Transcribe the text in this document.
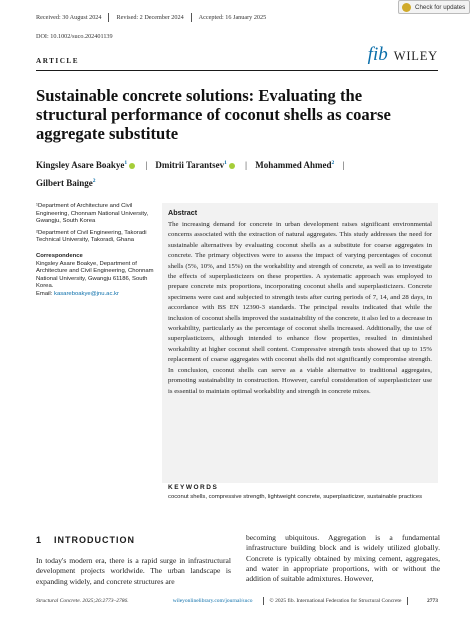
Check for updates
Received: 30 August 2024 Revised: 2 December 2024 Accepted: 16 January 2025
DOI: 10.1002/suco.202401139
ARTICLE	fib WILEY
Sustainable concrete solutions: Evaluating the structural performance of coconut shells as coarse aggregate substitute
Kingsley Asare Boakye$^1$ | Dmitrii Tarantsev$^1$ | Mohammed Ahmed$^2$ |
Gilbert Bainge$^2$

¹Department of Architecture and Civil Engineering, Chonnam National University, Gwangju, South Korea

²Department of Civil Engineering, Takoradi Technical University, Takoradi, Ghana

Correspondence

Kingsley Asare Boakye, Department of Architecture and Civil Engineering, Chonnam National University, Gwangju 61186, South Korea.

Email: kasareboakye@jnu.ac.kr

Abstract
The increasing demand for concrete in urban development raises significant environmental concerns associated with the extraction of natural aggregates. This study addresses the need for sustainable alternatives by evaluating coconut shells as a substitute for coarse aggregates in concrete. The primary objectives were to assess the impact of varying percentages of coconut shells (5%, 10%, and 15%) on the workability and strength of concrete, as well as to investigate the effects of superplasticizers on these properties. A systematic approach was employed to prepare concrete mix proportions, incorporating coconut shells and superplasticizers. Concrete specimens were cast and subjected to strength tests after curing periods of 7, 14, and 28 days, in accordance with BS EN 12390-3 standards. The principal results indicated that while the inclusion of coconut shells improved the sustainability of the concrete, it also led to a decrease in workability, particularly as the percentage of coconut shells increased. Additionally, the use of superplasticizers, although intended to enhance flow properties, resulted in diminished workability at higher coconut shell content. Compressive strength tests showed that up to 15% replacement of coarse aggregates with coconut shells did not significantly compromise strength. In conclusion, coconut shells can serve as a viable alternative to traditional aggregates, promoting sustainability in construction. However, careful consideration of superplasticizer use is essential to maintain optimal workability and strength in concrete mixes.
KEYWORDS
coconut shells, compressive strength, lightweight concrete, superplasticizer, sustainable practices
1 INTRODUCTION
In today's modern era, there is a rapid surge in infrastructural development projects worldwide. The urban landscape is expanding widely, and concrete structures are
becoming ubiquitous. Aggregation is a fundamental infrastructure building block and is widely utilized globally. Concrete is typically obtained by mixing cement, aggregates, and water in appropriate proportions, with or without the addition of suitable admixtures. However,
Structural Concrete. 2025;26:2773–2786.	wileyonlinelibrary.com/journal/suco	© 2025 fib. International Federation for Structural Concrete	2773
